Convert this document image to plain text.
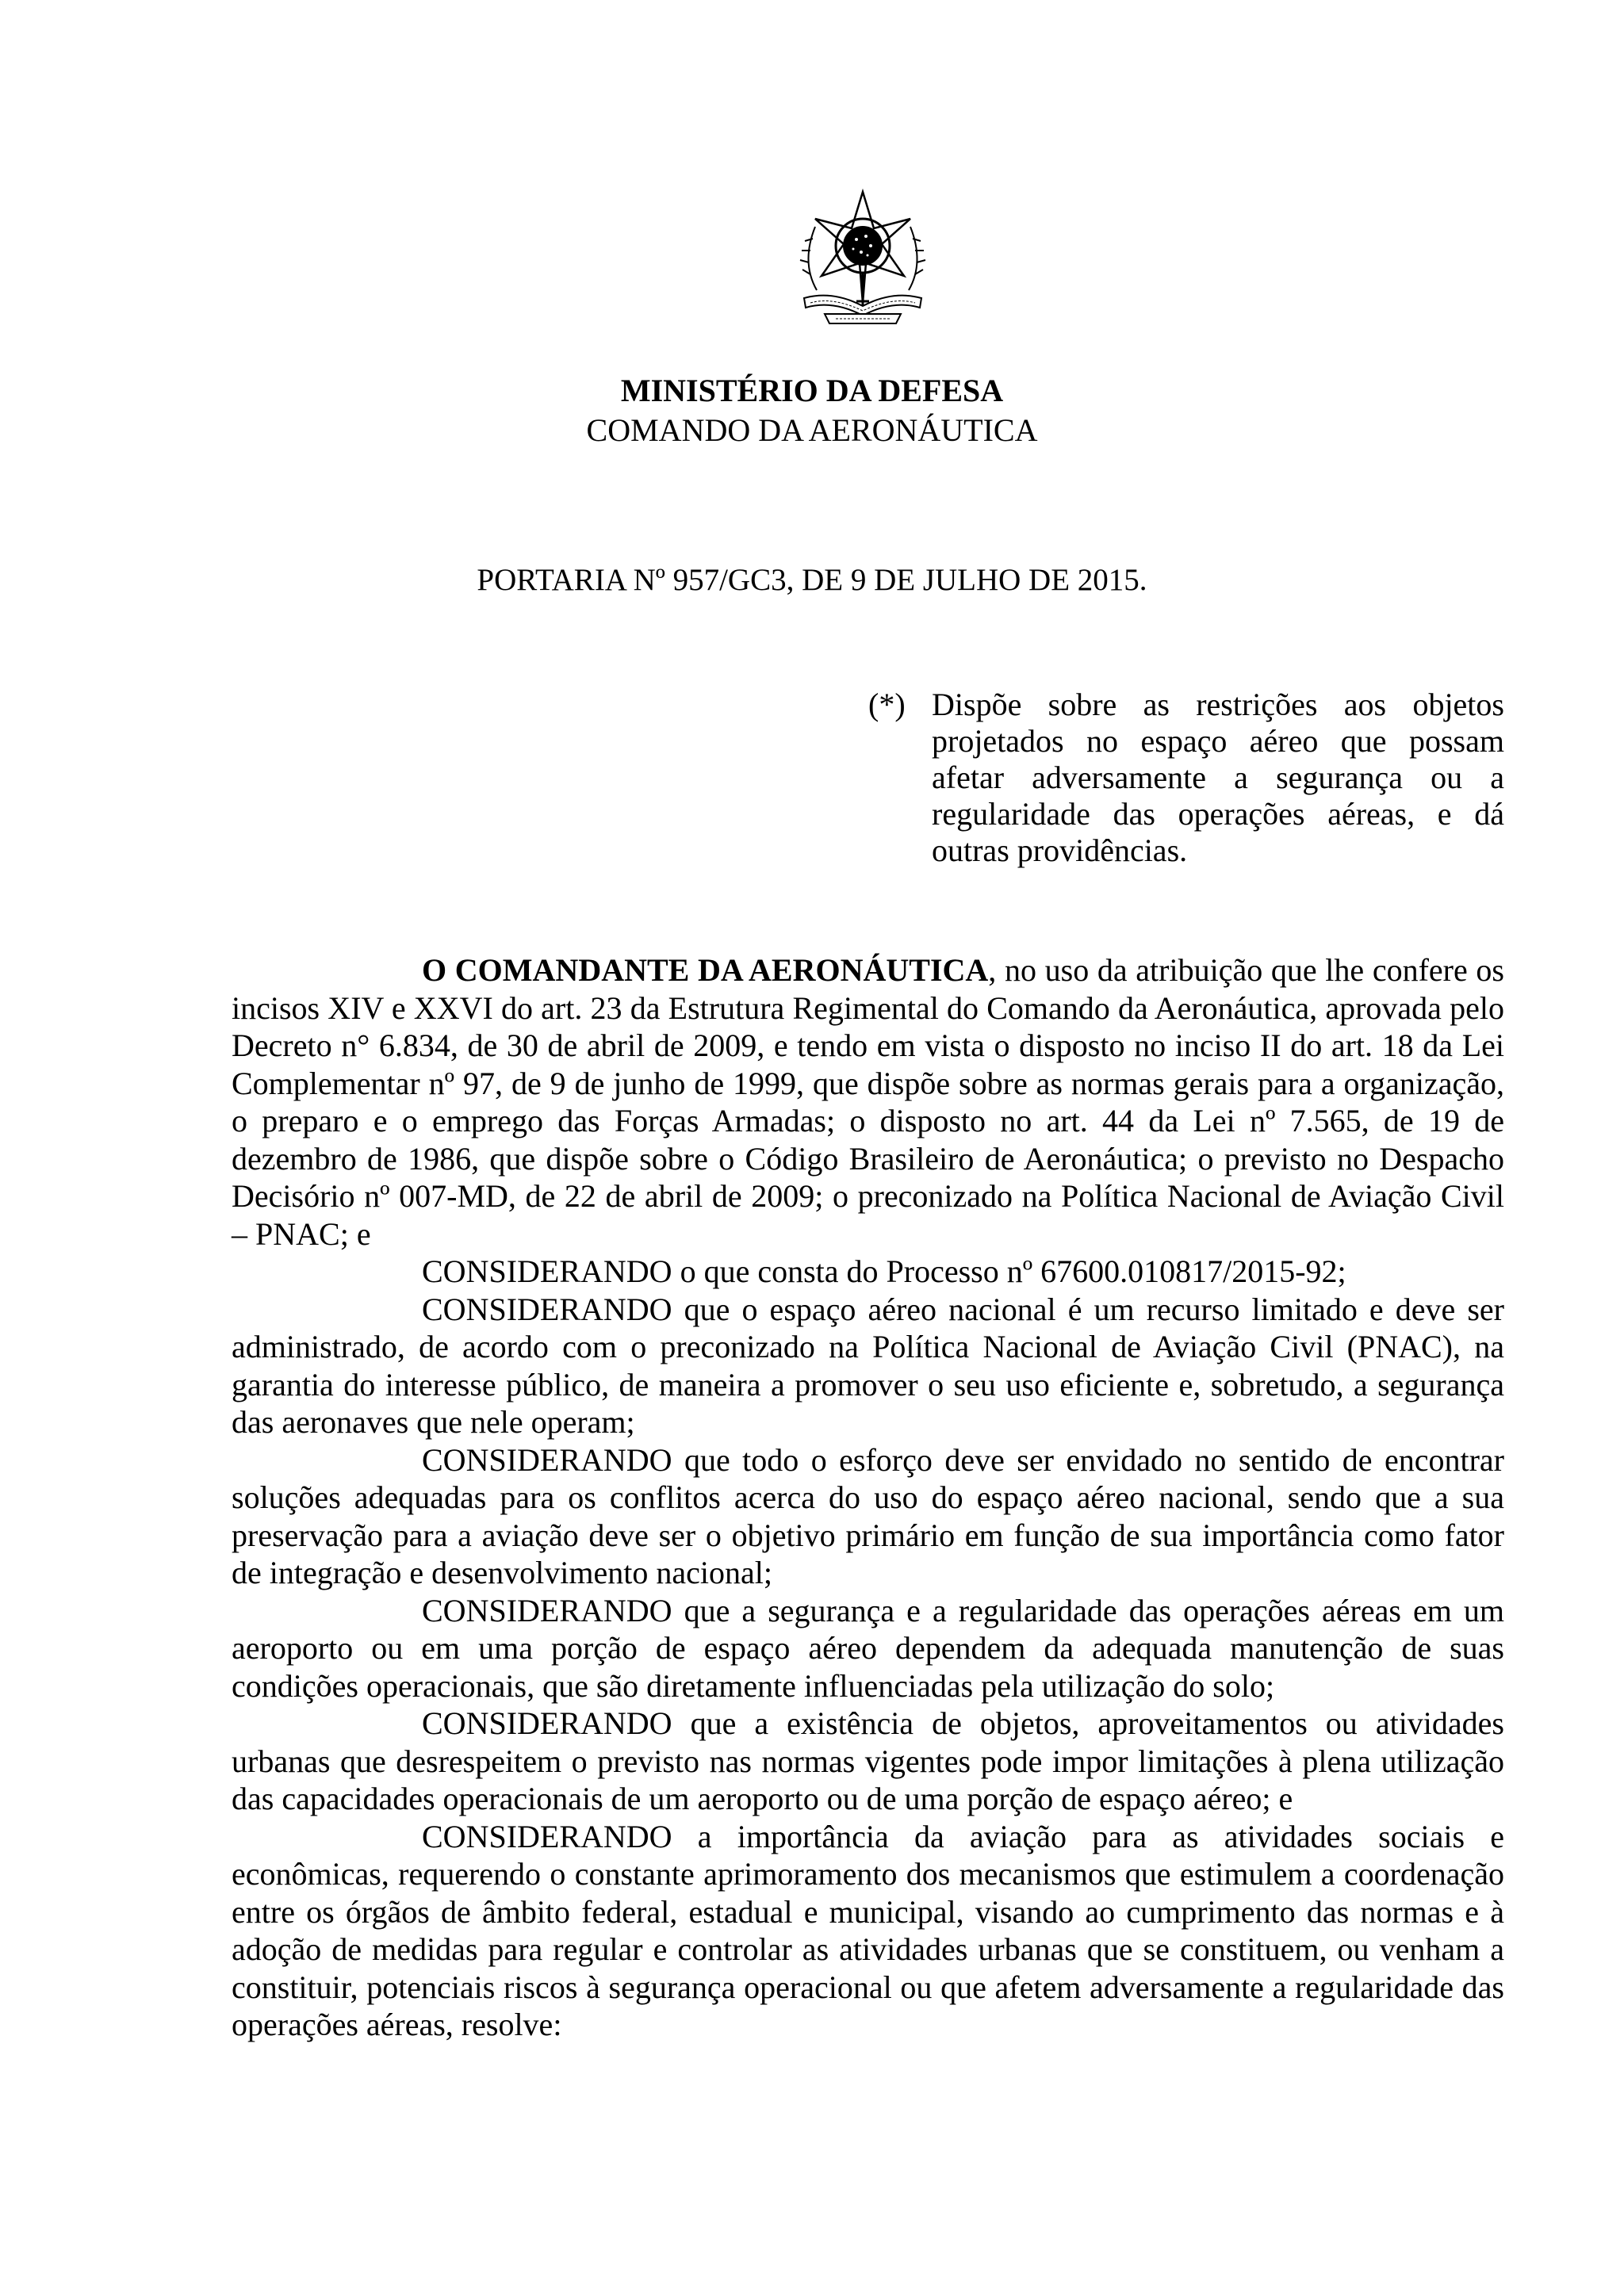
MINISTÉRIO DA DEFESA
COMANDO DA AERONÁUTICA
PORTARIA Nº 957/GC3, DE 9 DE JULHO DE 2015.
(*) Dispõe sobre as restrições aos objetos projetados no espaço aéreo que possam afetar adversamente a segurança ou a regularidade das operações aéreas, e dá outras providências.

O COMANDANTE DA AERONÁUTICA, no uso da atribuição que lhe confere os incisos XIV e XXVI do art. 23 da Estrutura Regimental do Comando da Aeronáutica, aprovada pelo Decreto n° 6.834, de 30 de abril de 2009, e tendo em vista o disposto no inciso II do art. 18 da Lei Complementar nº 97, de 9 de junho de 1999, que dispõe sobre as normas gerais para a organização, o preparo e o emprego das Forças Armadas; o disposto no art. 44 da Lei nº 7.565, de 19 de dezembro de 1986, que dispõe sobre o Código Brasileiro de Aeronáutica; o previsto no Despacho Decisório nº 007-MD, de 22 de abril de 2009; o preconizado na Política Nacional de Aviação Civil – PNAC; e

CONSIDERANDO o que consta do Processo nº 67600.010817/2015-92;

CONSIDERANDO que o espaço aéreo nacional é um recurso limitado e deve ser administrado, de acordo com o preconizado na Política Nacional de Aviação Civil (PNAC), na garantia do interesse público, de maneira a promover o seu uso eficiente e, sobretudo, a segurança das aeronaves que nele operam;

CONSIDERANDO que todo o esforço deve ser envidado no sentido de encontrar soluções adequadas para os conflitos acerca do uso do espaço aéreo nacional, sendo que a sua preservação para a aviação deve ser o objetivo primário em função de sua importância como fator de integração e desenvolvimento nacional;

CONSIDERANDO que a segurança e a regularidade das operações aéreas em um aeroporto ou em uma porção de espaço aéreo dependem da adequada manutenção de suas condições operacionais, que são diretamente influenciadas pela utilização do solo;

CONSIDERANDO que a existência de objetos, aproveitamentos ou atividades urbanas que desrespeitem o previsto nas normas vigentes pode impor limitações à plena utilização das capacidades operacionais de um aeroporto ou de uma porção de espaço aéreo; e

CONSIDERANDO a importância da aviação para as atividades sociais e econômicas, requerendo o constante aprimoramento dos mecanismos que estimulem a coordenação entre os órgãos de âmbito federal, estadual e municipal, visando ao cumprimento das normas e à adoção de medidas para regular e controlar as atividades urbanas que se constituem, ou venham a constituir, potenciais riscos à segurança operacional ou que afetem adversamente a regularidade das operações aéreas, resolve:
